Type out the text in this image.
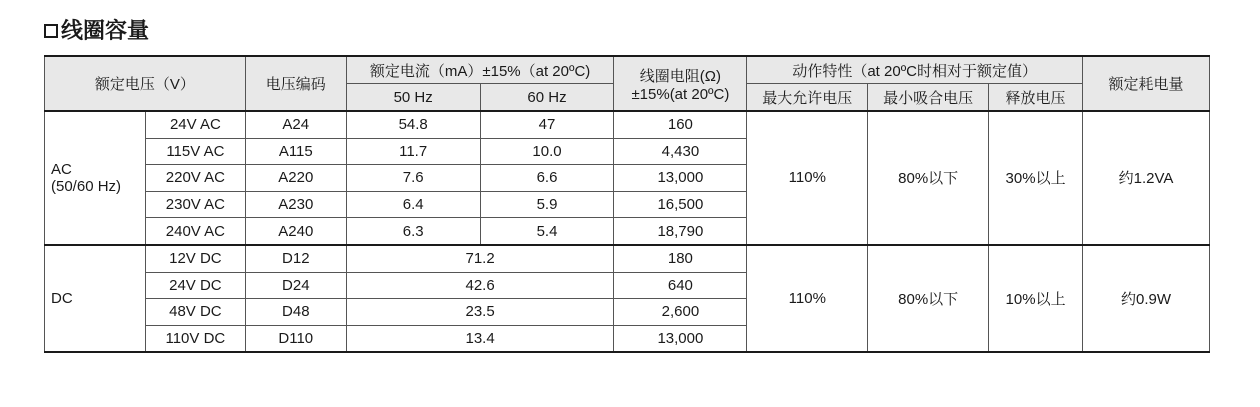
线圈容量
额定电压（V）		电压编码	额定电流（mA）±15%（at 20ºC)		线圈电阻(Ω)
±15%(at 20ºC)	动作特性（at 20ºC时相对于额定值）			额定耗电量
			50 Hz	60 Hz		最大允许电压	最小吸合电压	释放电压	

AC
(50/60 Hz)	24V AC	A24	54.8	47	160	110%	80%以下	30%以上	约1.2VA
	115V AC	A115	11.7	10.0	4,430				
	220V AC	A220	7.6	6.6	13,000				
	230V AC	A230	6.4	5.9	16,500				
	240V AC	A240	6.3	5.4	18,790				
DC	12V DC	D12	71.2		180	110%	80%以下	10%以上	约0.9W
	24V DC	D24	42.6		640				
	48V DC	D48	23.5		2,600				
	110V DC	D110	13.4		13,000				
